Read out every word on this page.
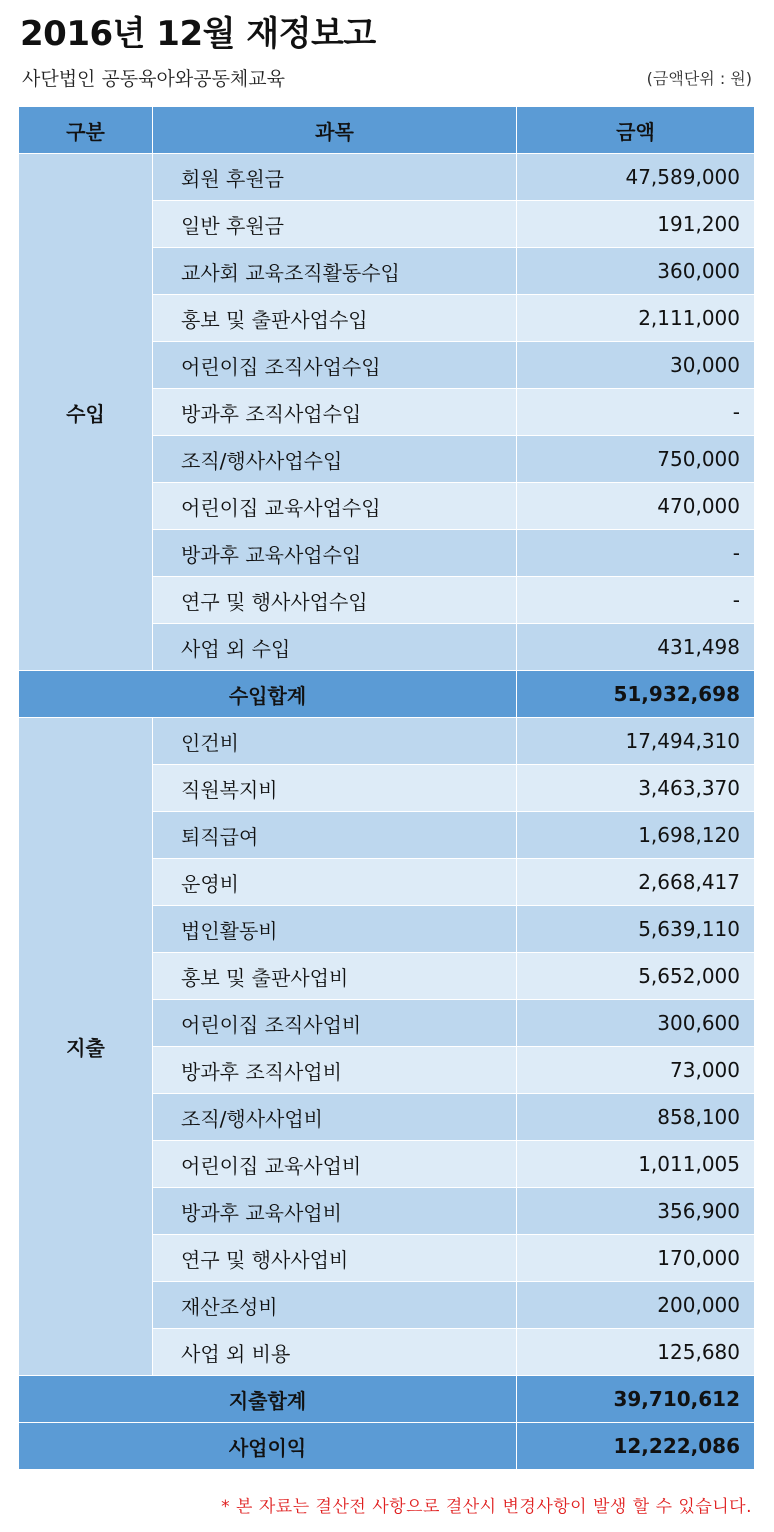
2016년 12월 재정보고
사단법인 공동육아와공동체교육	(금액단위 : 원)
구분	과목	금액
수입	회원 후원금	47,589,000
	일반 후원금	191,200
	교사회 교육조직활동수입	360,000
	홍보 및 출판사업수입	2,111,000
	어린이집 조직사업수입	30,000
	방과후 조직사업수입	-
	조직/행사사업수입	750,000
	어린이집 교육사업수입	470,000
	방과후 교육사업수입	-
	연구 및 행사사업수입	-
	사업 외 수입	431,498
수입합계		51,932,698
지출	인건비	17,494,310
	직원복지비	3,463,370
	퇴직급여	1,698,120
	운영비	2,668,417
	법인활동비	5,639,110
	홍보 및 출판사업비	5,652,000
	어린이집 조직사업비	300,600
	방과후 조직사업비	73,000
	조직/행사사업비	858,100
	어린이집 교육사업비	1,011,005
	방과후 교육사업비	356,900
	연구 및 행사사업비	170,000
	재산조성비	200,000
	사업 외 비용	125,680
지출합계		39,710,612
사업이익		12,222,086
* 본 자료는 결산전 사항으로 결산시 변경사항이 발생 할 수 있습니다.
